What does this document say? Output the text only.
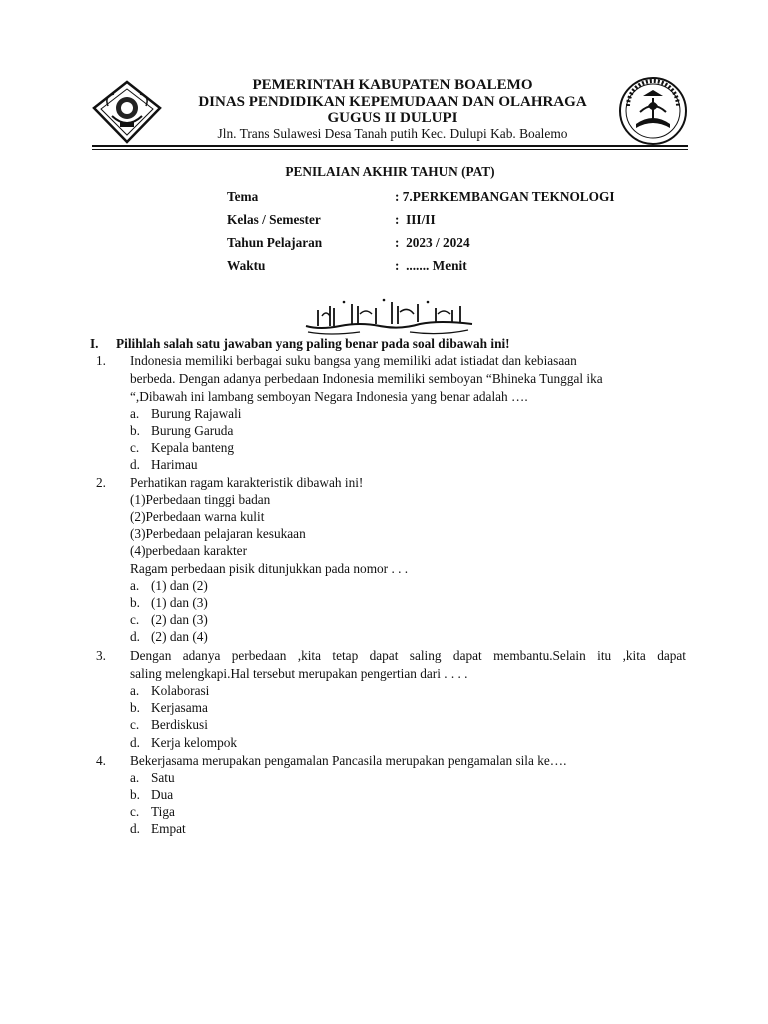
PEMERINTAH KABUPATEN BOALEMO
DINAS PENDIDIKAN KEPEMUDAAN DAN OLAHRAGA
GUGUS II DULUPI
Jln. Trans Sulawesi Desa Tanah putih Kec. Dulupi Kab. Boalemo
PENILAIAN AKHIR TAHUN (PAT)
Tema	: 7.PERKEMBANGAN TEKNOLOGI
Kelas / Semester	:  III/II
Tahun Pelajaran	:  2023 / 2024
Waktu	:  ....... Menit
I. Pilihlah salah satu jawaban yang paling benar pada soal dibawah ini!
1. Indonesia memiliki berbagai suku bangsa yang memiliki adat istiadat dan kebiasaan
berbeda. Dengan adanya perbedaan Indonesia memiliki semboyan “Bhineka Tunggal ika
“,Dibawah ini lambang semboyan Negara Indonesia yang benar adalah ….
a. Burung Rajawali
b. Burung Garuda
c. Kepala banteng
d. Harimau
2. Perhatikan ragam karakteristik dibawah ini!
(1)Perbedaan tinggi badan
(2)Perbedaan warna kulit
(3)Perbedaan pelajaran kesukaan
(4)perbedaan karakter
Ragam perbedaan pisik ditunjukkan pada nomor . . .
a. (1) dan (2)
b. (1) dan (3)
c. (2) dan (3)
d. (2) dan (4)
3. Dengan adanya perbedaan ,kita tetap dapat saling dapat membantu.Selain itu ,kita dapat
saling melengkapi.Hal tersebut merupakan pengertian dari . . . .
a. Kolaborasi
b. Kerjasama
c. Berdiskusi
d. Kerja kelompok
4. Bekerjasama merupakan pengamalan Pancasila merupakan pengamalan sila ke….
a. Satu
b. Dua
c. Tiga
d. Empat
